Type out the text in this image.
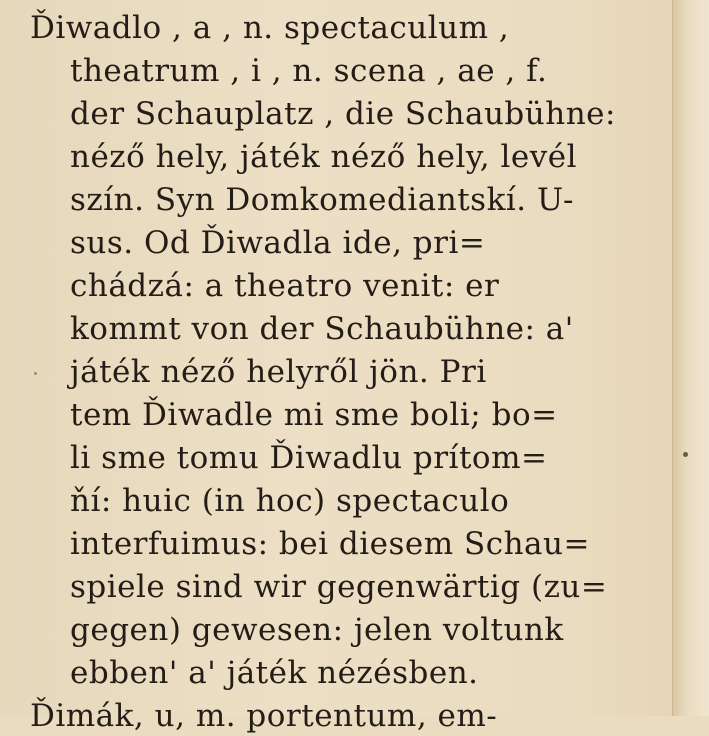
Ďiwadlo , a , n. spectaculum ,
theatrum , i , n. scena , ae , f.
der Schauplatz , die Schaubühne:
néző hely, játék néző hely, levél
szín. Syn Domkomediantskí. U-
sus. Od Ďiwadla ide, pri=
chádzá: a theatro venit: er
kommt von der Schaubühne: a'
játék néző helyről jön. Pri
tem Ďiwadle mi sme boli; bo=
li sme tomu Ďiwadlu prítom=
ňí: huic (in hoc) spectaculo
interfuimus: bei diesem Schau=
spiele sind wir gegenwärtig (zu=
gegen) gewesen: jelen voltunk
ebben' a' játék nézésben.
Ďimák, u, m. portentum, em-
